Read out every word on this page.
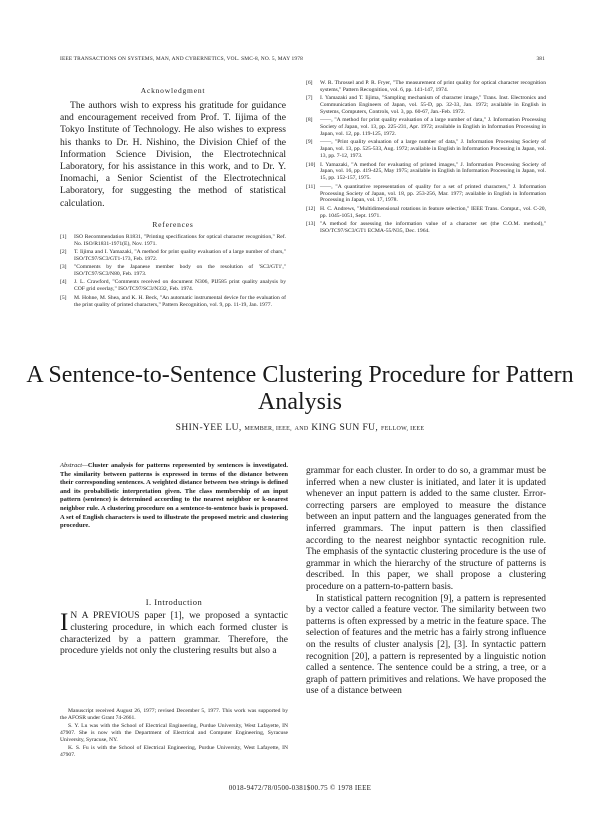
IEEE TRANSACTIONS ON SYSTEMS, MAN, AND CYBERNETICS, VOL. SMC-8, NO. 5, MAY 1978	381
Acknowledgment

The authors wish to express his gratitude for guidance and encouragement received from Prof. T. Iijima of the Tokyo Institute of Technology. He also wishes to express his thanks to Dr. H. Nishino, the Division Chief of the Information Science Division, the Electrotechnical Laboratory, for his assistance in this work, and to Dr. Y. Inomachi, a Senior Scientist of the Electrotechnical Laboratory, for suggesting the method of statistical calculation.

References
[1]	ISO Recommendation R1831, "Printing specifications for optical character recognition," Ref. No. ISO/R1831-1971(E), Nov. 1971.
[2]	T. Iijima and I. Yamazaki, "A method for print quality evaluation of a large number of chars," ISO/TC97/SC3/GT1-173, Feb. 1972.
[3]	"Comments by the Japanese member body on the resolution of 'SC3/GT1'," ISO/TC97/SC3/N80, Feb. 1973.
[4]	J. L. Crawford, "Comments received on document N306, PIJ585 print quality analysis by COF grid overlay," ISO/TC97/SC3/N332, Feb. 1974.
[5]	M. Hohne, M. Shea, and K. H. Beck, "An automatic instrumental device for the evaluation of the print quality of printed characters," Pattern Recognition, vol. 9, pp. 11-19, Jan. 1977.
[6]	W. R. Throssel and P. R. Fryer, "The measurement of print quality for optical character recognition systems," Pattern Recognition, vol. 6, pp. 141-147, 1974.
[7]	I. Yamazaki and T. Iijima, "Sampling mechanism of character image," Trans. Inst. Electronics and Communication Engineers of Japan, vol. 55-D, pp. 32-33, Jan. 1972; available in English in Systems, Computers, Controls, vol. 3, pp. 60-67, Jan.-Feb. 1972.
[8]	——, "A method for print quality evaluation of a large number of data," J. Information Processing Society of Japan, vol. 13, pp. 225-231, Apr. 1972; available in English in Information Processing in Japan, vol. 12, pp. 119-125, 1972.
[9]	——, "Print quality evaluation of a large number of data," J. Information Processing Society of Japan, vol. 13, pp. 525-533, Aug. 1972; available in English in Information Processing in Japan, vol. 13, pp. 7-12, 1973.
[10] I. Yamazaki, "A method for evaluating of printed images," J. Information Processing Society of Japan, vol. 16, pp. 419-425, May 1975; available in English in Information Processing in Japan, vol. 15, pp. 152-157, 1975.
[11] ——, "A quantitative representation of quality for a set of printed characters," J. Information Processing Society of Japan, vol. 18, pp. 253-256, Mar. 1977; available in English in Information Processing in Japan, vol. 17, 1978.
[12] H. C. Andrews, "Multidimensional rotations in feature selection," IEEE Trans. Comput., vol. C-20, pp. 1045-1051, Sept. 1971.
[13] "A method for assessing the information value of a character set (the C.O.M. method)," ISO/TC97/SC3/GT1 ECMA-55/N35, Dec. 1964.
A Sentence-to-Sentence Clustering Procedure for Pattern Analysis
SHIN-YEE LU, MEMBER, IEEE, AND KING SUN FU, FELLOW, IEEE

Abstract—Cluster analysis for patterns represented by sentences is investigated. The similarity between patterns is expressed in terms of the distance between their corresponding sentences. A weighted distance between two strings is defined and its probabilistic interpretation given. The class membership of an input pattern (sentence) is determined according to the nearest neighbor or k-nearest neighbor rule. A clustering procedure on a sentence-to-sentence basis is proposed. A set of English characters is used to illustrate the proposed metric and clustering procedure.

I. Introduction

I N A PREVIOUS paper [1], we proposed a syntactic clustering procedure, in which each formed cluster is characterized by a pattern grammar. Therefore, the procedure yields not only the clustering results but also a

Manuscript received August 26, 1977; revised December 5, 1977. This work was supported by the AFOSR under Grant 74-2661.

S. Y. Lu was with the School of Electrical Engineering, Purdue University, West Lafayette, IN 47907. She is now with the Department of Electrical and Computer Engineering, Syracuse University, Syracuse, NY.

K. S. Fu is with the School of Electrical Engineering, Purdue University, West Lafayette, IN 47907.

grammar for each cluster. In order to do so, a grammar must be inferred when a new cluster is initiated, and later it is updated whenever an input pattern is added to the same cluster. Error-correcting parsers are employed to measure the distance between an input pattern and the languages generated from the inferred grammars. The input pattern is then classified according to the nearest neighbor syntactic recognition rule. The emphasis of the syntactic clustering procedure is the use of grammar in which the hierarchy of the structure of patterns is described. In this paper, we shall propose a clustering procedure on a pattern-to-pattern basis.

In statistical pattern recognition [9], a pattern is represented by a vector called a feature vector. The similarity between two patterns is often expressed by a metric in the feature space. The selection of features and the metric has a fairly strong influence on the results of cluster analysis [2], [3]. In syntactic pattern recognition [20], a pattern is represented by a linguistic notion called a sentence. The sentence could be a string, a tree, or a graph of pattern primitives and relations. We have proposed the use of a distance between

0018-9472/78/0500-0381$00.75 © 1978 IEEE
